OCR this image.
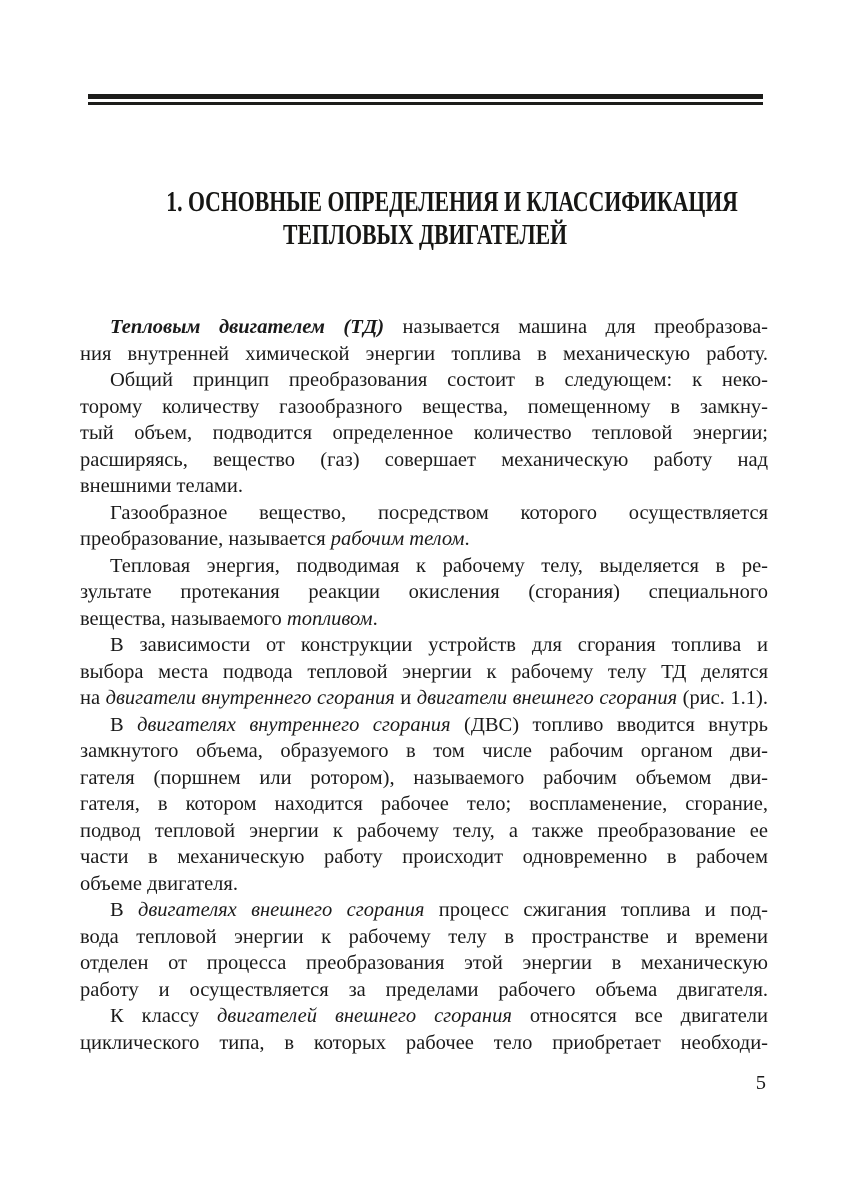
1. ОСНОВНЫЕ ОПРЕДЕЛЕНИЯ И КЛАССИФИКАЦИЯ
ТЕПЛОВЫХ ДВИГАТЕЛЕЙ
Тепловым двигателем (ТД) называется машина для преобразова-
ния внутренней химической энергии топлива в механическую работу.
Общий принцип преобразования состоит в следующем: к неко-
торому количеству газообразного вещества, помещенному в замкну-
тый объем, подводится определенное количество тепловой энергии;
расширяясь, вещество (газ) совершает механическую работу над
внешними телами.
Газообразное вещество, посредством которого осуществляется
преобразование, называется рабочим телом.
Тепловая энергия, подводимая к рабочему телу, выделяется в ре-
зультате протекания реакции окисления (сгорания) специального
вещества, называемого топливом.
В зависимости от конструкции устройств для сгорания топлива и
выбора места подвода тепловой энергии к рабочему телу ТД делятся
на двигатели внутреннего сгорания и двигатели внешнего сгорания (рис. 1.1).
В двигателях внутреннего сгорания (ДВС) топливо вводится внутрь
замкнутого объема, образуемого в том числе рабочим органом дви-
гателя (поршнем или ротором), называемого рабочим объемом дви-
гателя, в котором находится рабочее тело; воспламенение, сгорание,
подвод тепловой энергии к рабочему телу, а также преобразование ее
части в механическую работу происходит одновременно в рабочем
объеме двигателя.
В двигателях внешнего сгорания процесс сжигания топлива и под-
вода тепловой энергии к рабочему телу в пространстве и времени
отделен от процесса преобразования этой энергии в механическую
работу и осуществляется за пределами рабочего объема двигателя.
К классу двигателей внешнего сгорания относятся все двигатели
циклического типа, в которых рабочее тело приобретает необходи-
5
